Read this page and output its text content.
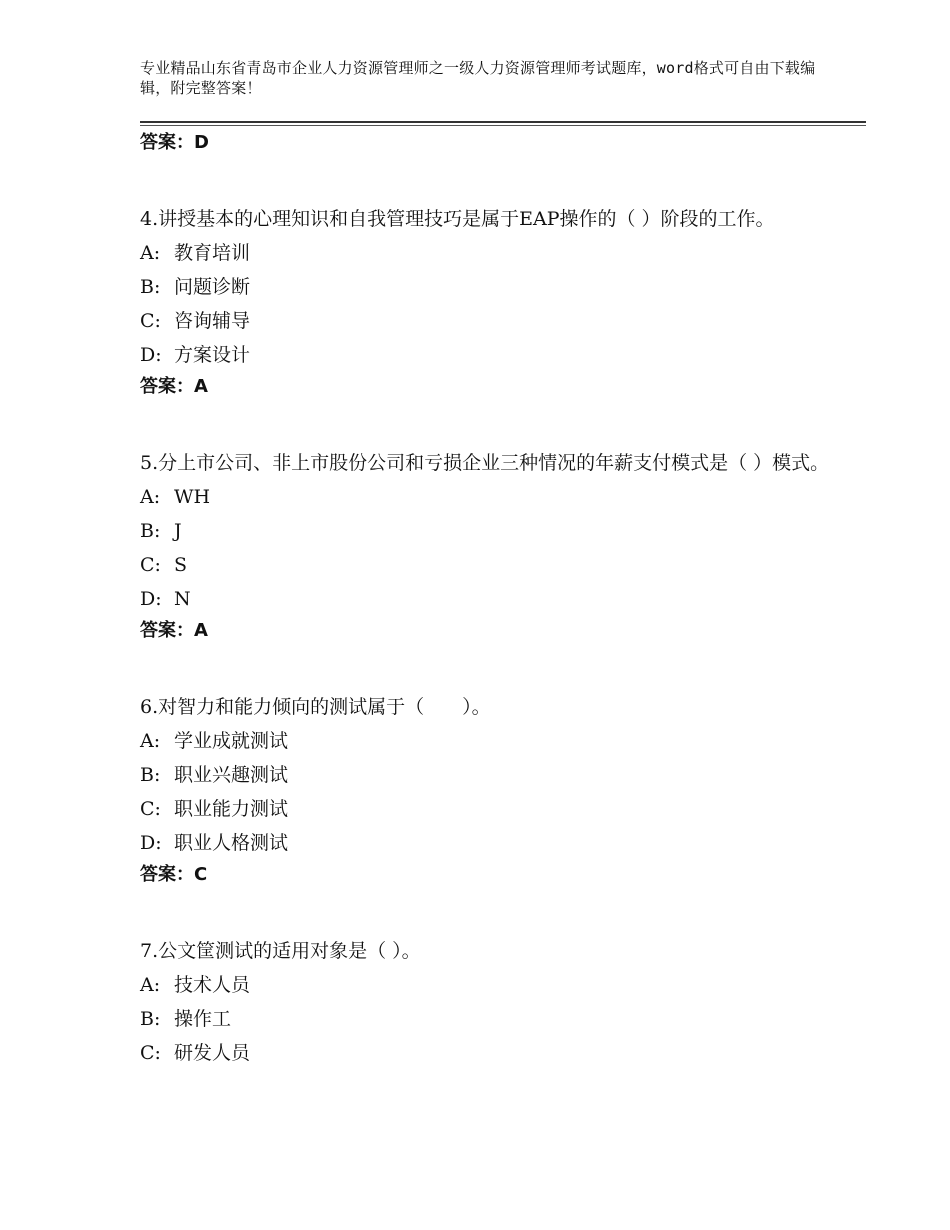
专业精品山东省青岛市企业人力资源管理师之一级人力资源管理师考试题库，word格式可自由下载编辑，附完整答案！
答案：D

4.讲授基本的心理知识和自我管理技巧是属于EAP操作的（ ）阶段的工作。

A: 教育培训
B: 问题诊断
C: 咨询辅导
D: 方案设计
答案：A

5.分上市公司、非上市股份公司和亏损企业三种情况的年薪支付模式是（ ）模式。

A: WH
B: J
C: S
D: N
答案：A

6.对智力和能力倾向的测试属于（　　）。

A: 学业成就测试
B: 职业兴趣测试
C: 职业能力测试
D: 职业人格测试
答案：C

7.公文筐测试的适用对象是（ ）。

A: 技术人员
B: 操作工
C: 研发人员
